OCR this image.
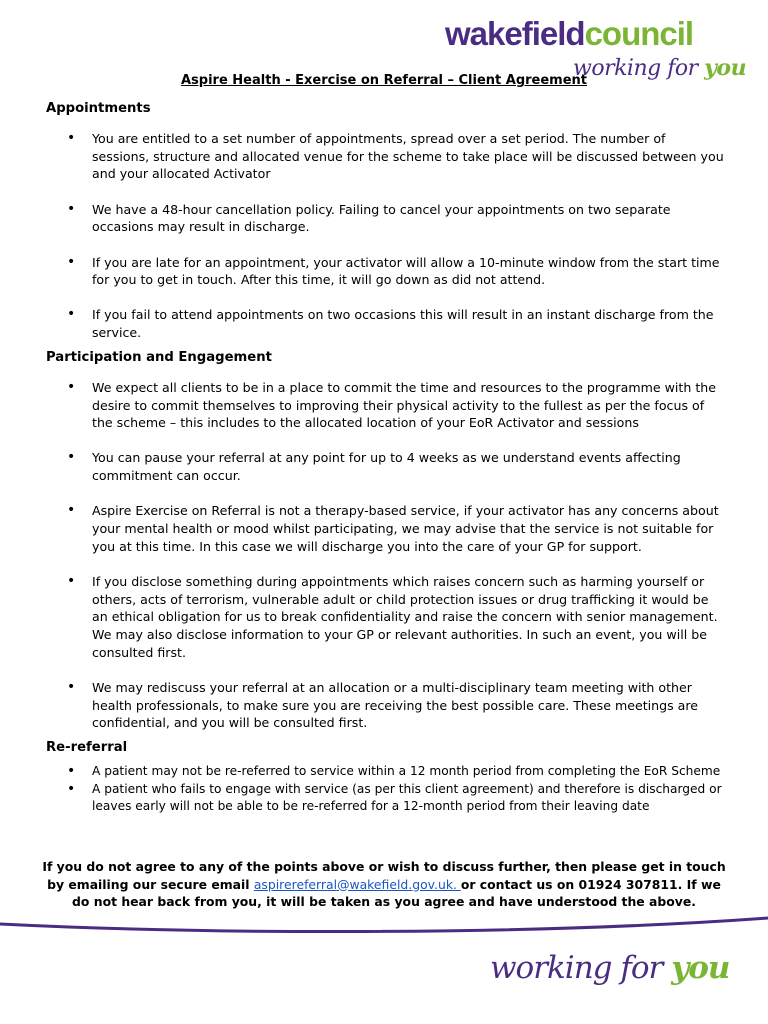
wakefieldcouncil
working for you
Aspire Health - Exercise on Referral – Client Agreement
Appointments
• You are entitled to a set number of appointments, spread over a set period. The number of sessions, structure and allocated venue for the scheme to take place will be discussed between you and your allocated Activator
• We have a 48-hour cancellation policy. Failing to cancel your appointments on two separate occasions may result in discharge.
• If you are late for an appointment, your activator will allow a 10-minute window from the start time for you to get in touch. After this time, it will go down as did not attend.
• If you fail to attend appointments on two occasions this will result in an instant discharge from the service.
Participation and Engagement
• We expect all clients to be in a place to commit the time and resources to the programme with the desire to commit themselves to improving their physical activity to the fullest as per the focus of the scheme – this includes to the allocated location of your EoR Activator and sessions
• You can pause your referral at any point for up to 4 weeks as we understand events affecting commitment can occur.
• Aspire Exercise on Referral is not a therapy-based service, if your activator has any concerns about your mental health or mood whilst participating, we may advise that the service is not suitable for you at this time. In this case we will discharge you into the care of your GP for support.
• If you disclose something during appointments which raises concern such as harming yourself or others, acts of terrorism, vulnerable adult or child protection issues or drug trafficking it would be an ethical obligation for us to break confidentiality and raise the concern with senior management. We may also disclose information to your GP or relevant authorities. In such an event, you will be consulted first.
• We may rediscuss your referral at an allocation or a multi-disciplinary team meeting with other health professionals, to make sure you are receiving the best possible care. These meetings are confidential, and you will be consulted first.
Re-referral
• A patient may not be re-referred to service within a 12 month period from completing the EoR Scheme
• A patient who fails to engage with service (as per this client agreement) and therefore is discharged or leaves early will not be able to be re-referred for a 12-month period from their leaving date
If you do not agree to any of the points above or wish to discuss further, then please get in touch by emailing our secure email aspirereferral@wakefield.gov.uk. or contact us on 01924 307811. If we do not hear back from you, it will be taken as you agree and have understood the above.
working for you
